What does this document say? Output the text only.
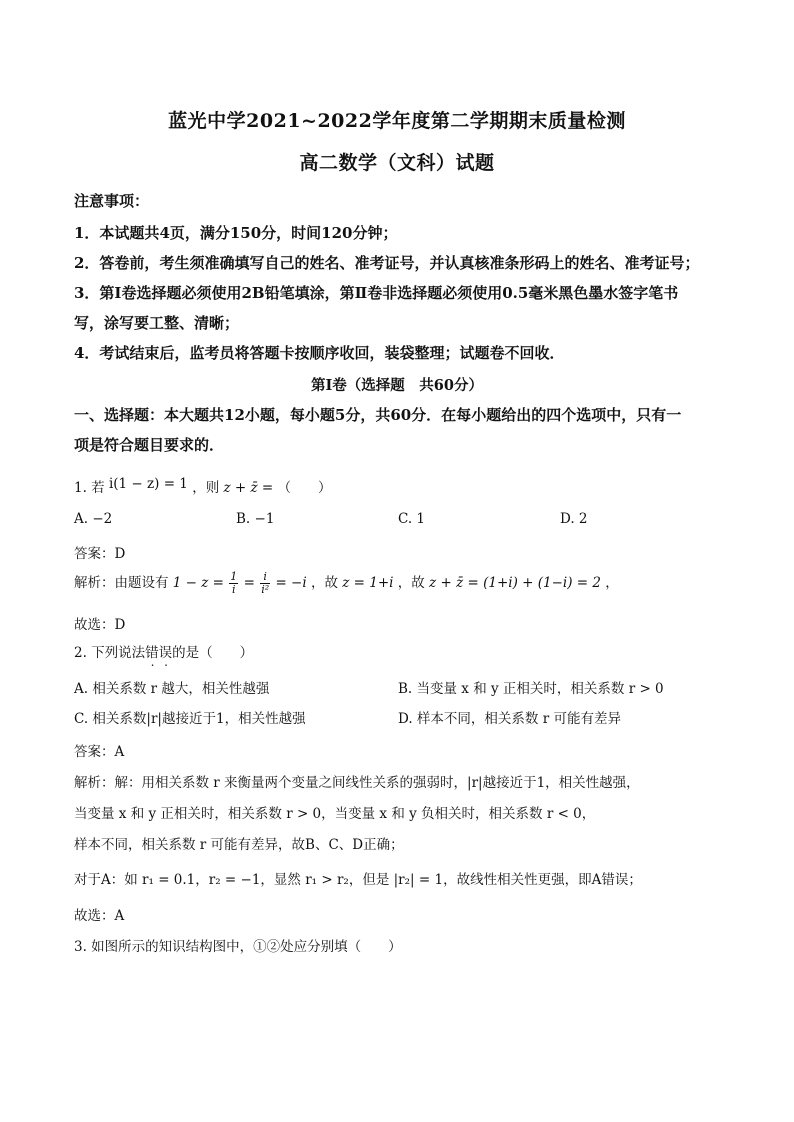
蓝光中学2021~2022学年度第二学期期末质量检测
高二数学（文科）试题
注意事项：
1．本试题共4页，满分150分，时间120分钟；
2．答卷前，考生须准确填写自己的姓名、准考证号，并认真核准条形码上的姓名、准考证号；
3．第Ⅰ卷选择题必须使用2B铅笔填涂，第Ⅱ卷非选择题必须使用0.5毫米黑色墨水签字笔书
写，涂写要工整、清晰；
4．考试结束后，监考员将答题卡按顺序收回，装袋整理；试题卷不回收．
第Ⅰ卷（选择题　共60分）
一、选择题：本大题共12小题，每小题5分，共60分．在每小题给出的四个选项中，只有一
项是符合题目要求的．
1. 若 i(1 − z) = 1 ，则 z + z̄ = （　　）
A. −2	B. −1	C. 1	D. 2
答案：D
解析：由题设有 $1 - z = \frac{1}{i} = \frac{i}{\text{i²}} = -i$ ，故 z = 1+i ，故 z + z̄ = (1+i) + (1−i) = 2 ，
故选：D
2. 下列说法错误的是（　　）
A. 相关系数 r 越大，相关性越强	B. 当变量 x 和 y 正相关时，相关系数 r > 0
C. 相关系数|r|越接近于1，相关性越强	D. 样本不同，相关系数 r 可能有差异
答案：A
解析：解：用相关系数 r 来衡量两个变量之间线性关系的强弱时，|r|越接近于1，相关性越强，
当变量 x 和 y 正相关时，相关系数 r > 0，当变量 x 和 y 负相关时，相关系数 r < 0，
样本不同，相关系数 r 可能有差异，故B、C、D正确；
对于A：如 r₁ = 0.1，r₂ = −1，显然 r₁ > r₂，但是 |r₂| = 1，故线性相关性更强，即A错误；
故选：A
3. 如图所示的知识结构图中，①②处应分别填（　　）
